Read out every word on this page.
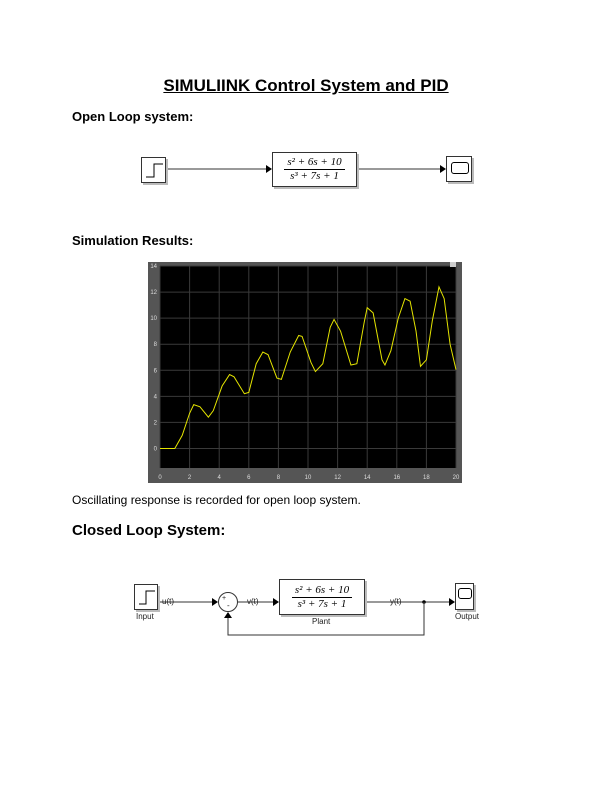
SIMULIINK Control System and PID
Open Loop system:
$\frac{\text{s² + 6s + 10}}{\text{s³ + 7s + 1}}$
Simulation Results:
0	2	4	6	8	10	12	14	16	18	20
0
2
4
6
8
10
12
14
Oscillating response is recorded for open loop system.
Closed Loop System:
+
-
Input
u(t)	$v(t) \frac{\text{s² + 6s + 10}}{\text{s³ + 7s + 1}}$
Plant
y(t)
Output
